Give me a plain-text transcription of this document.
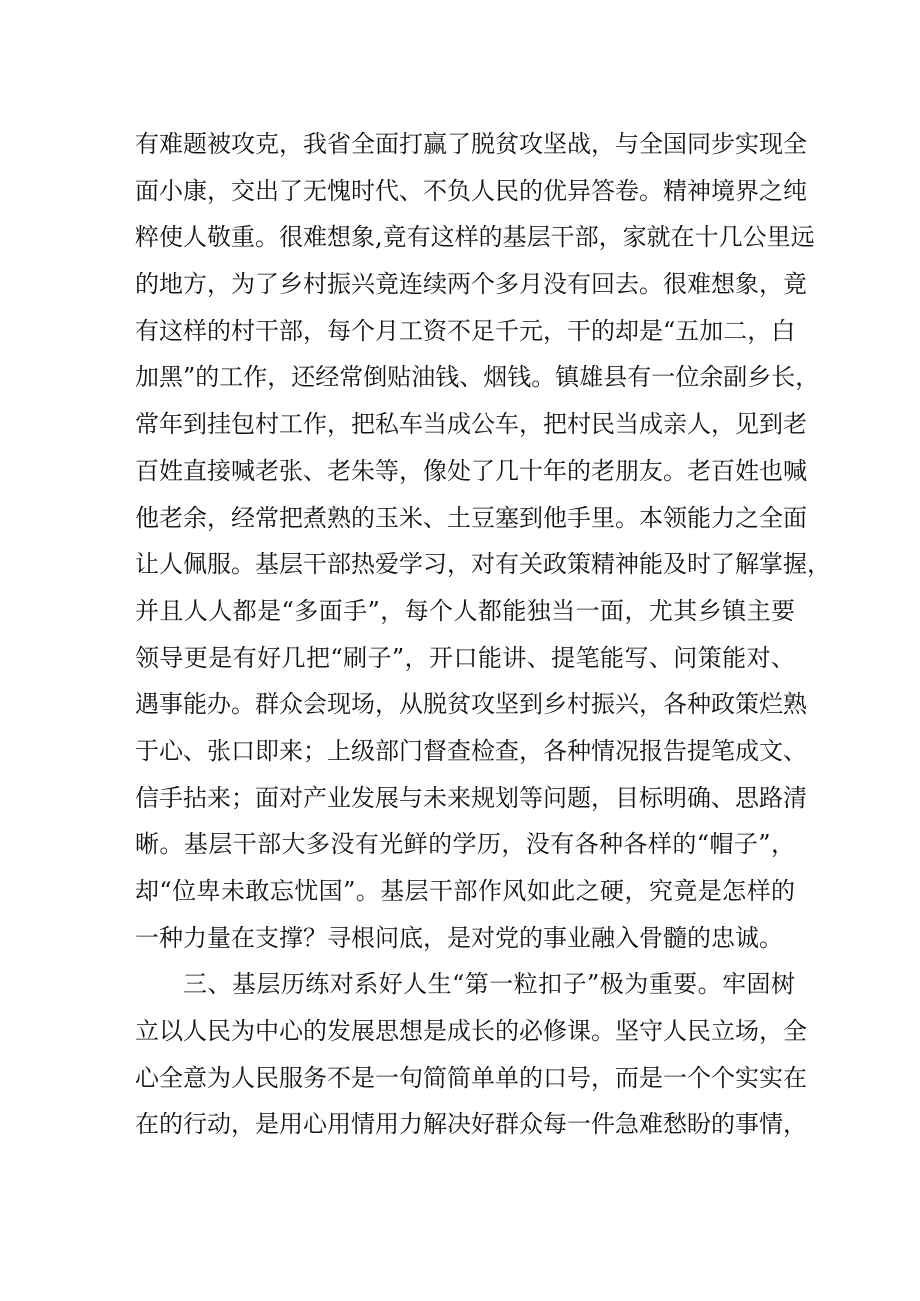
有难题被攻克，我省全面打赢了脱贫攻坚战，与全国同步实现全
面小康，交出了无愧时代、不负人民的优异答卷。精神境界之纯
粹使人敬重。很难想象,竟有这样的基层干部，家就在十几公里远
的地方，为了乡村振兴竟连续两个多月没有回去。很难想象，竟
有这样的村干部，每个月工资不足千元，干的却是“五加二，白
加黑”的工作，还经常倒贴油钱、烟钱。镇雄县有一位余副乡长，
常年到挂包村工作，把私车当成公车，把村民当成亲人，见到老
百姓直接喊老张、老朱等，像处了几十年的老朋友。老百姓也喊
他老余，经常把煮熟的玉米、土豆塞到他手里。本领能力之全面
让人佩服。基层干部热爱学习，对有关政策精神能及时了解掌握，
并且人人都是“多面手”，每个人都能独当一面，尤其乡镇主要
领导更是有好几把“刷子”，开口能讲、提笔能写、问策能对、
遇事能办。群众会现场，从脱贫攻坚到乡村振兴，各种政策烂熟
于心、张口即来；上级部门督查检查，各种情况报告提笔成文、
信手拈来；面对产业发展与未来规划等问题，目标明确、思路清
晰。基层干部大多没有光鲜的学历，没有各种各样的“帽子”，
却“位卑未敢忘忧国”。基层干部作风如此之硬，究竟是怎样的
一种力量在支撑？寻根问底，是对党的事业融入骨髓的忠诚。
三、基层历练对系好人生“第一粒扣子”极为重要。牢固树
立以人民为中心的发展思想是成长的必修课。坚守人民立场，全
心全意为人民服务不是一句简简单单的口号，而是一个个实实在
在的行动，是用心用情用力解决好群众每一件急难愁盼的事情，
